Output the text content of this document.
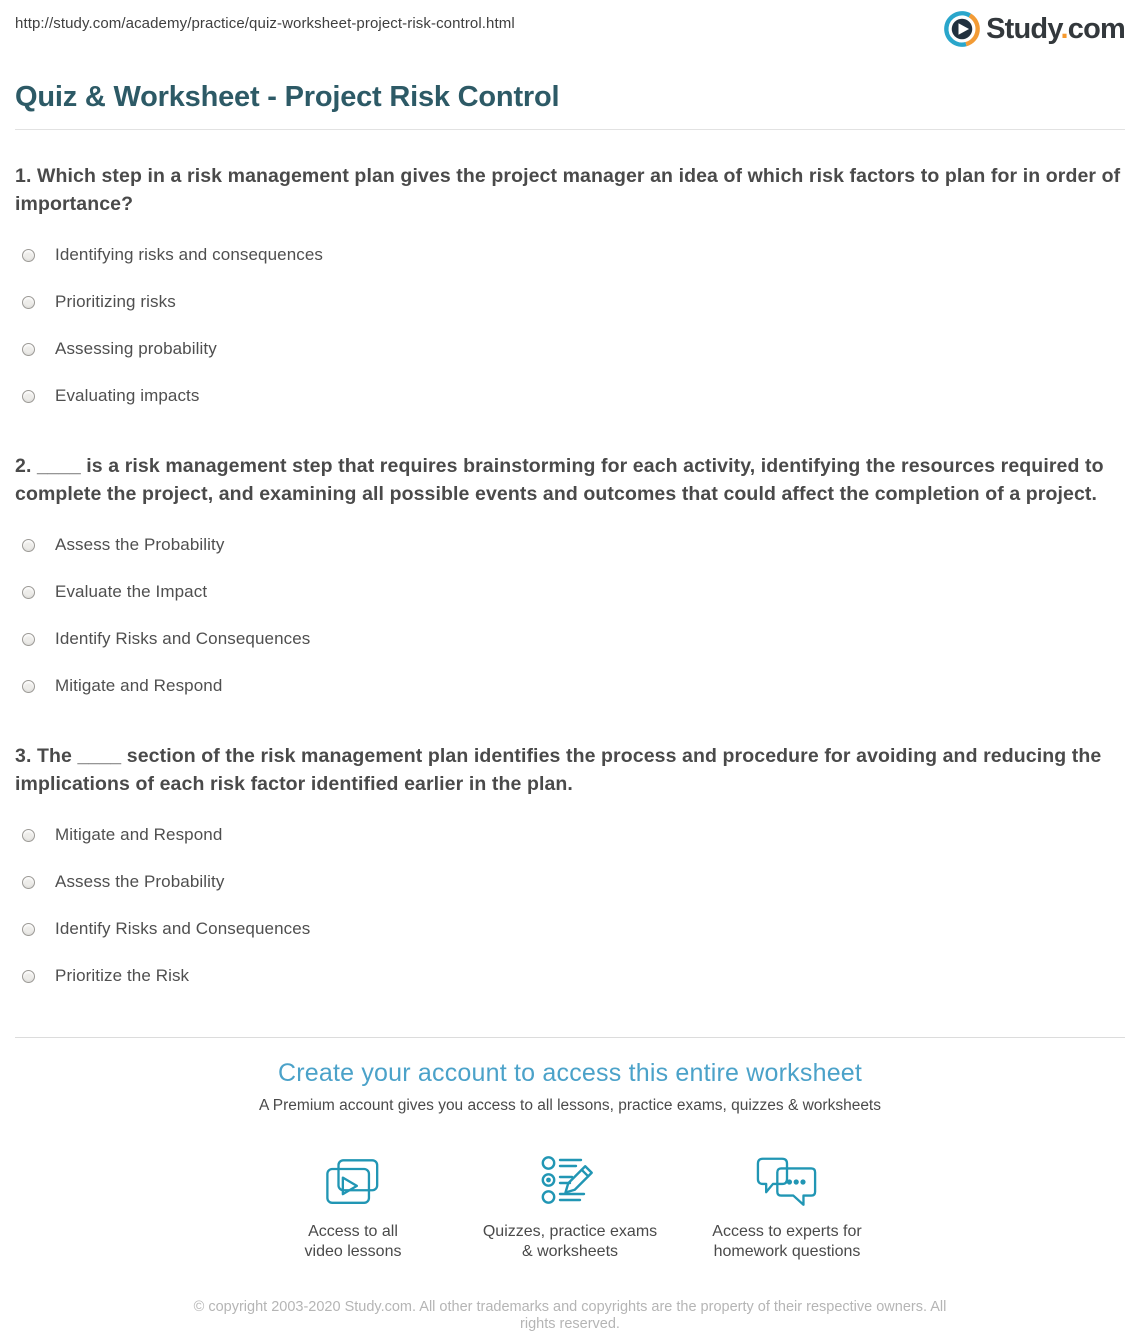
http://study.com/academy/practice/quiz-worksheet-project-risk-control.html	Study.com
Quiz & Worksheet - Project Risk Control

1. Which step in a risk management plan gives the project manager an idea of which risk factors to plan for in order of importance?

Identifying risks and consequences
Prioritizing risks
Assessing probability
Evaluating impacts

2. ____ is a risk management step that requires brainstorming for each activity, identifying the resources required to complete the project, and examining all possible events and outcomes that could affect the completion of a project.

Assess the Probability
Evaluate the Impact
Identify Risks and Consequences
Mitigate and Respond

3. The ____ section of the risk management plan identifies the process and procedure for avoiding and reducing the implications of each risk factor identified earlier in the plan.

Mitigate and Respond
Assess the Probability
Identify Risks and Consequences
Prioritize the Risk
Create your account to access this entire worksheet

A Premium account gives you access to all lessons, practice exams, quizzes & worksheets

Access to all
video lessons
Quizzes, practice exams
& worksheets
Access to experts for
homework questions

© copyright 2003-2020 Study.com. All other trademarks and copyrights are the property of their respective owners. All rights reserved.
